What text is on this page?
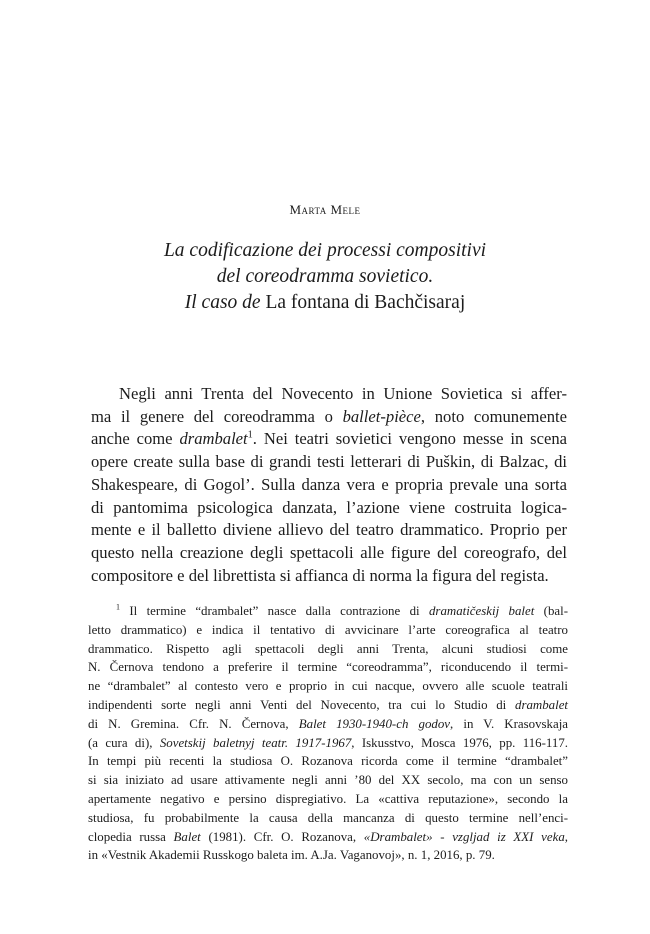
Marta Mele
La codificazione dei processi compositivi
del coreodramma sovietico.
Il caso de La fontana di Bachčisaraj
Negli anni Trenta del Novecento in Unione Sovietica si affer-
ma il genere del coreodramma o ballet-pièce, noto comunemente
anche come drambalet$^1$. Nei teatri sovietici vengono messe in scena
opere create sulla base di grandi testi letterari di Puškin, di Balzac, di
Shakespeare, di Gogol’. Sulla danza vera e propria prevale una sorta
di pantomima psicologica danzata, l’azione viene costruita logica-
mente e il balletto diviene allievo del teatro drammatico. Proprio per
questo nella creazione degli spettacoli alle figure del coreografo, del
compositore e del librettista si affianca di norma la figura del regista.
$^1$ Il termine “drambalet” nasce dalla contrazione di dramatičeskij balet (bal-
letto drammatico) e indica il tentativo di avvicinare l’arte coreografica al teatro
drammatico. Rispetto agli spettacoli degli anni Trenta, alcuni studiosi come
N. Černova tendono a preferire il termine “coreodramma”, riconducendo il termi-
ne “drambalet” al contesto vero e proprio in cui nacque, ovvero alle scuole teatrali
indipendenti sorte negli anni Venti del Novecento, tra cui lo Studio di drambalet
di N. Gremina. Cfr. N. Černova, Balet 1930-1940-ch godov, in V. Krasovskaja
(a cura di), Sovetskij baletnyj teatr. 1917-1967, Iskusstvo, Mosca 1976, pp. 116-117.
In tempi più recenti la studiosa O. Rozanova ricorda come il termine “drambalet”
si sia iniziato ad usare attivamente negli anni ’80 del XX secolo, ma con un senso
apertamente negativo e persino dispregiativo. La «cattiva reputazione», secondo la
studiosa, fu probabilmente la causa della mancanza di questo termine nell’enci-
clopedia russa Balet (1981). Cfr. O. Rozanova, «Drambalet» - vzgljad iz XXI veka,
in «Vestnik Akademii Russkogo baleta im. A.Ja. Vaganovoj», n. 1, 2016, p. 79.
